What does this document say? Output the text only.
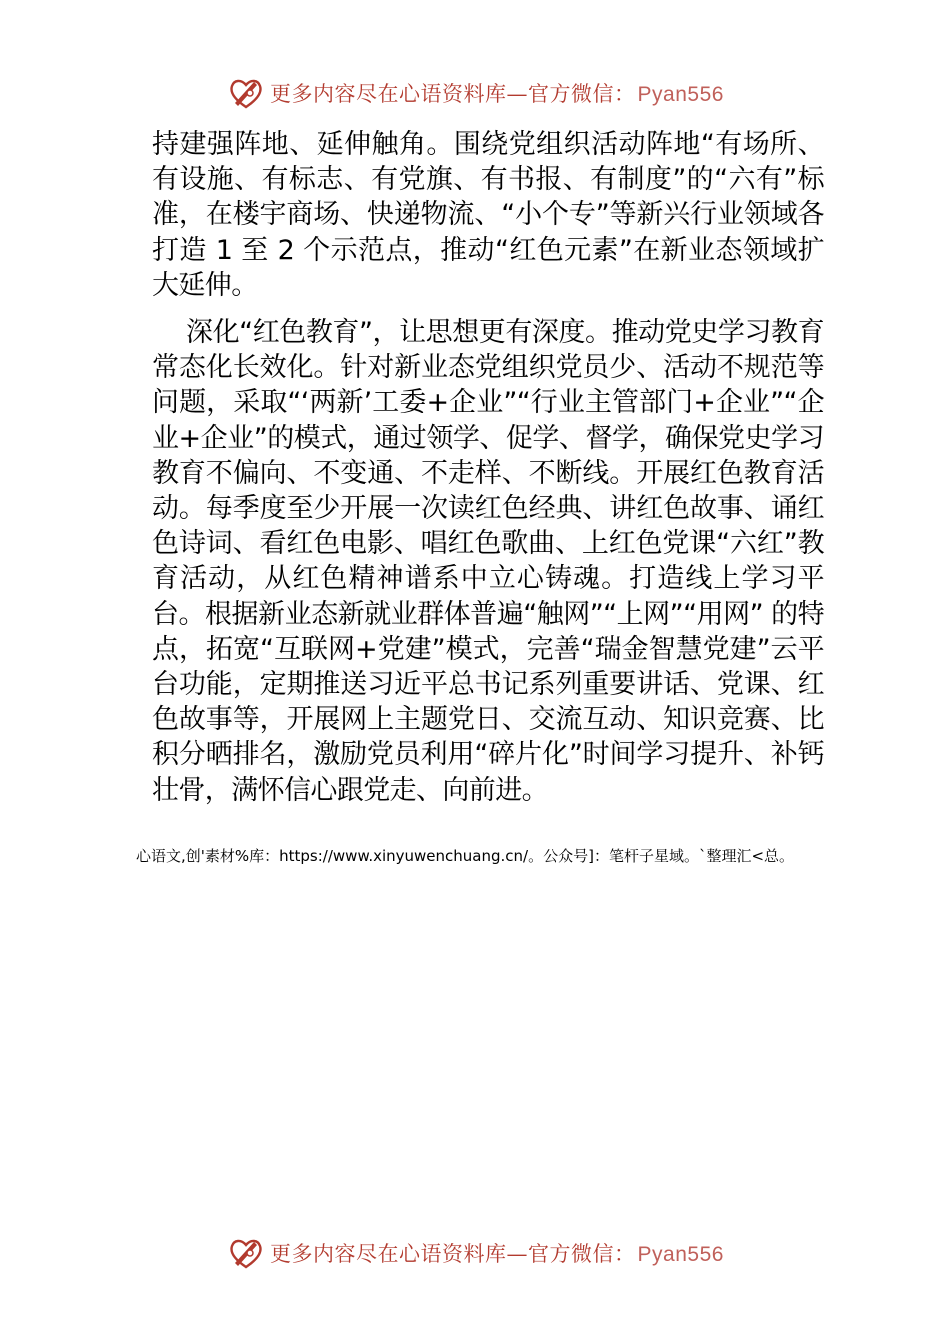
更多内容尽在心语资料库—官方微信：Pyan556

持建强阵地、延伸触角。围绕党组织活动阵地“有场所、有设施、有标志、有党旗、有书报、有制度”的“六有”标准，在楼宇商场、快递物流、“小个专”等新兴行业领域各打造 1 至 2 个示范点，推动“红色元素”在新业态领域扩大延伸。

深化“红色教育”，让思想更有深度。推动党史学习教育常态化长效化。针对新业态党组织党员少、活动不规范等问题，采取“‘两新’工委+企业”“行业主管部门+企业”“企业+企业”的模式，通过领学、促学、督学，确保党史学习教育不偏向、不变通、不走样、不断线。开展红色教育活动。每季度至少开展一次读红色经典、讲红色故事、诵红色诗词、看红色电影、唱红色歌曲、上红色党课“六红”教育活动，从红色精神谱系中立心铸魂。打造线上学习平台。根据新业态新就业群体普遍“触网”“上网”“用网” 的特点，拓宽“互联网+党建”模式，完善“瑞金智慧党建”云平台功能，定期推送习近平总书记系列重要讲话、党课、红色故事等，开展网上主题党日、交流互动、知识竞赛、比积分晒排名，激励党员利用“碎片化”时间学习提升、补钙壮骨，满怀信心跟党走、向前进。

心语文,创'素材%库：https://www.xinyuwenchuang.cn/。公众号]：笔杆子星域。`整理汇<总。
更多内容尽在心语资料库—官方微信：Pyan556
